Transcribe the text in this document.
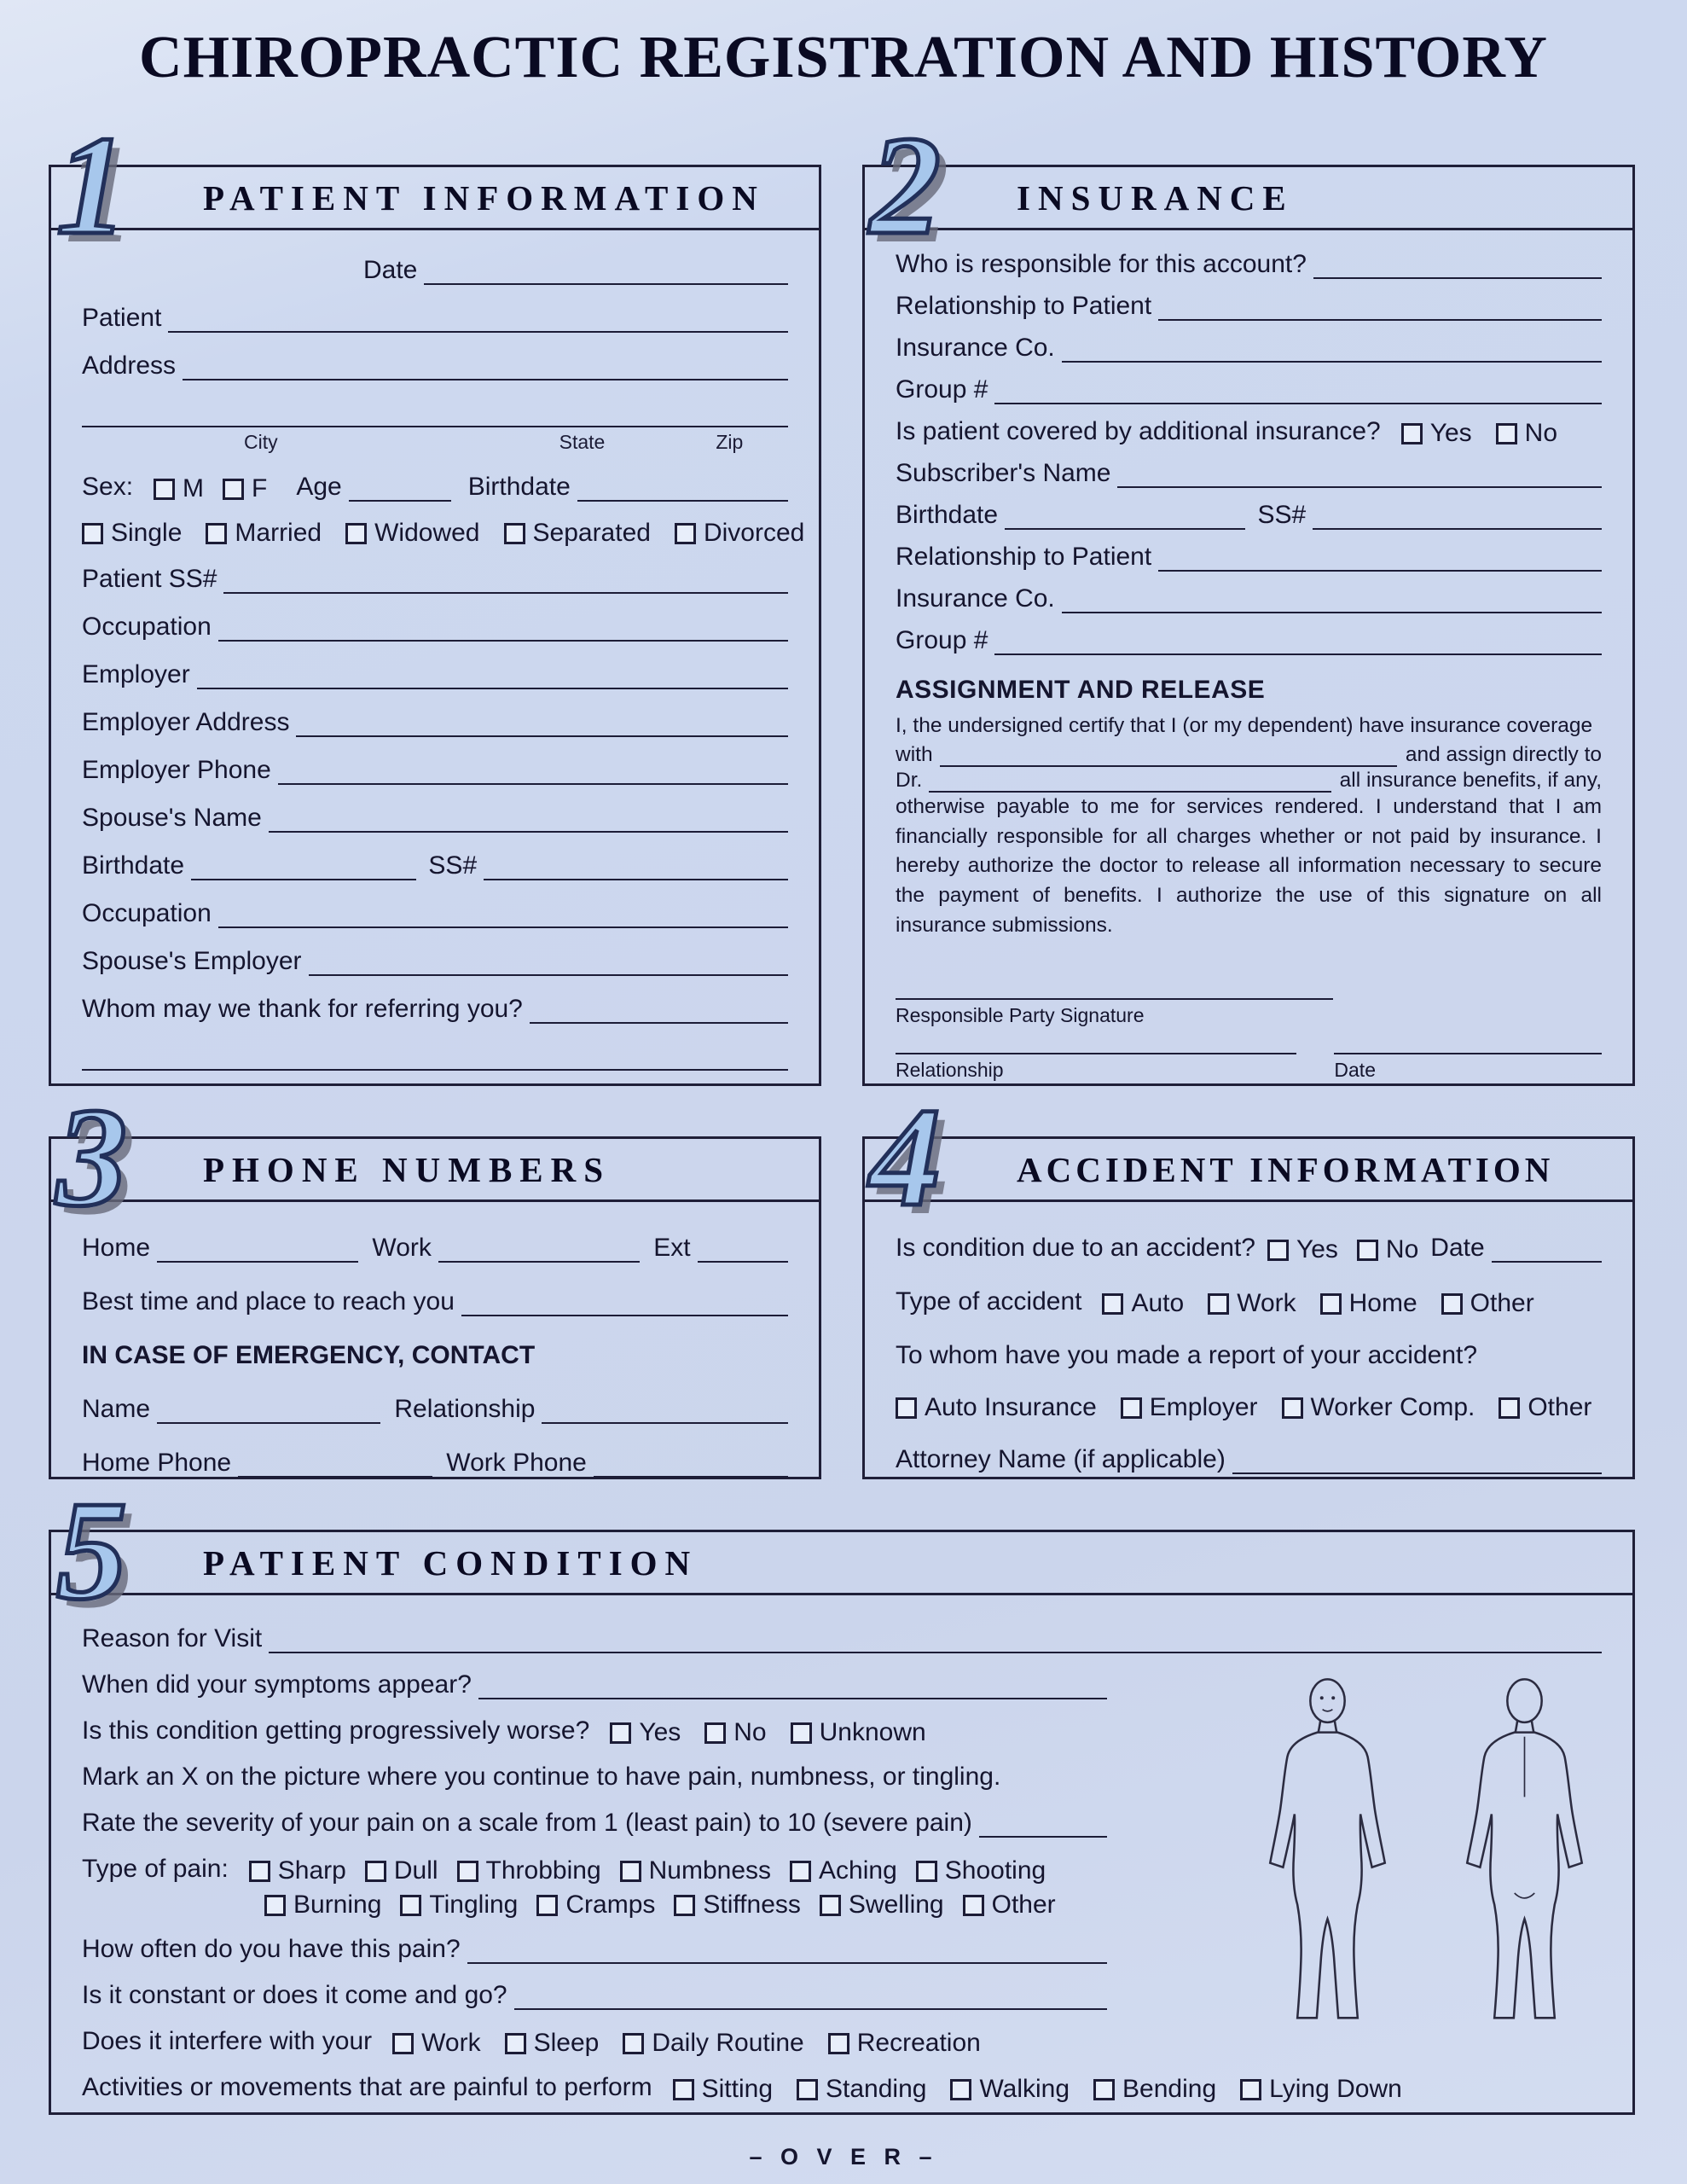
CHIROPRACTIC REGISTRATION AND HISTORY
1 PATIENT INFORMATION
Date
Patient
Address
City	State	Zip
Sex: M F Age	Birthdate
Single Married Widowed Separated Divorced
Patient SS#
Occupation
Employer
Employer Address
Employer Phone
Spouse's Name
Birthdate	SS#
Occupation
Spouse's Employer
Whom may we thank for referring you?
2 INSURANCE
Who is responsible for this account?
Relationship to Patient
Insurance Co.
Group #
Is patient covered by additional insurance? Yes No
Subscriber's Name
Birthdate	SS#
Relationship to Patient
Insurance Co.
Group #
ASSIGNMENT AND RELEASE
I, the undersigned certify that I (or my dependent) have insurance coverage
with	and assign directly to
Dr.	all insurance benefits, if any,
otherwise payable to me for services rendered. I understand that I am financially responsible for all charges whether or not paid by insurance. I hereby authorize the doctor to release all information necessary to secure the payment of benefits. I authorize the use of this signature on all insurance submissions.
Responsible Party Signature
Relationship	Date
3 PHONE NUMBERS
Home	Work	Ext
Best time and place to reach you
IN CASE OF EMERGENCY, CONTACT
Name	Relationship
Home Phone	Work Phone
4 ACCIDENT INFORMATION
Is condition due to an accident? Yes No Date
Type of accident Auto Work Home Other
To whom have you made a report of your accident?
Auto Insurance Employer Worker Comp. Other
Attorney Name (if applicable)
5 PATIENT CONDITION
Reason for Visit
When did your symptoms appear?
Is this condition getting progressively worse? Yes No Unknown
Mark an X on the picture where you continue to have pain, numbness, or tingling.
Rate the severity of your pain on a scale from 1 (least pain) to 10 (severe pain)
Type of pain: Sharp Dull Throbbing Numbness Aching Shooting
Burning Tingling Cramps Stiffness Swelling Other
How often do you have this pain?
Is it constant or does it come and go?
Does it interfere with your Work Sleep Daily Routine Recreation
Activities or movements that are painful to perform Sitting Standing Walking Bending Lying Down
– O V E R –
